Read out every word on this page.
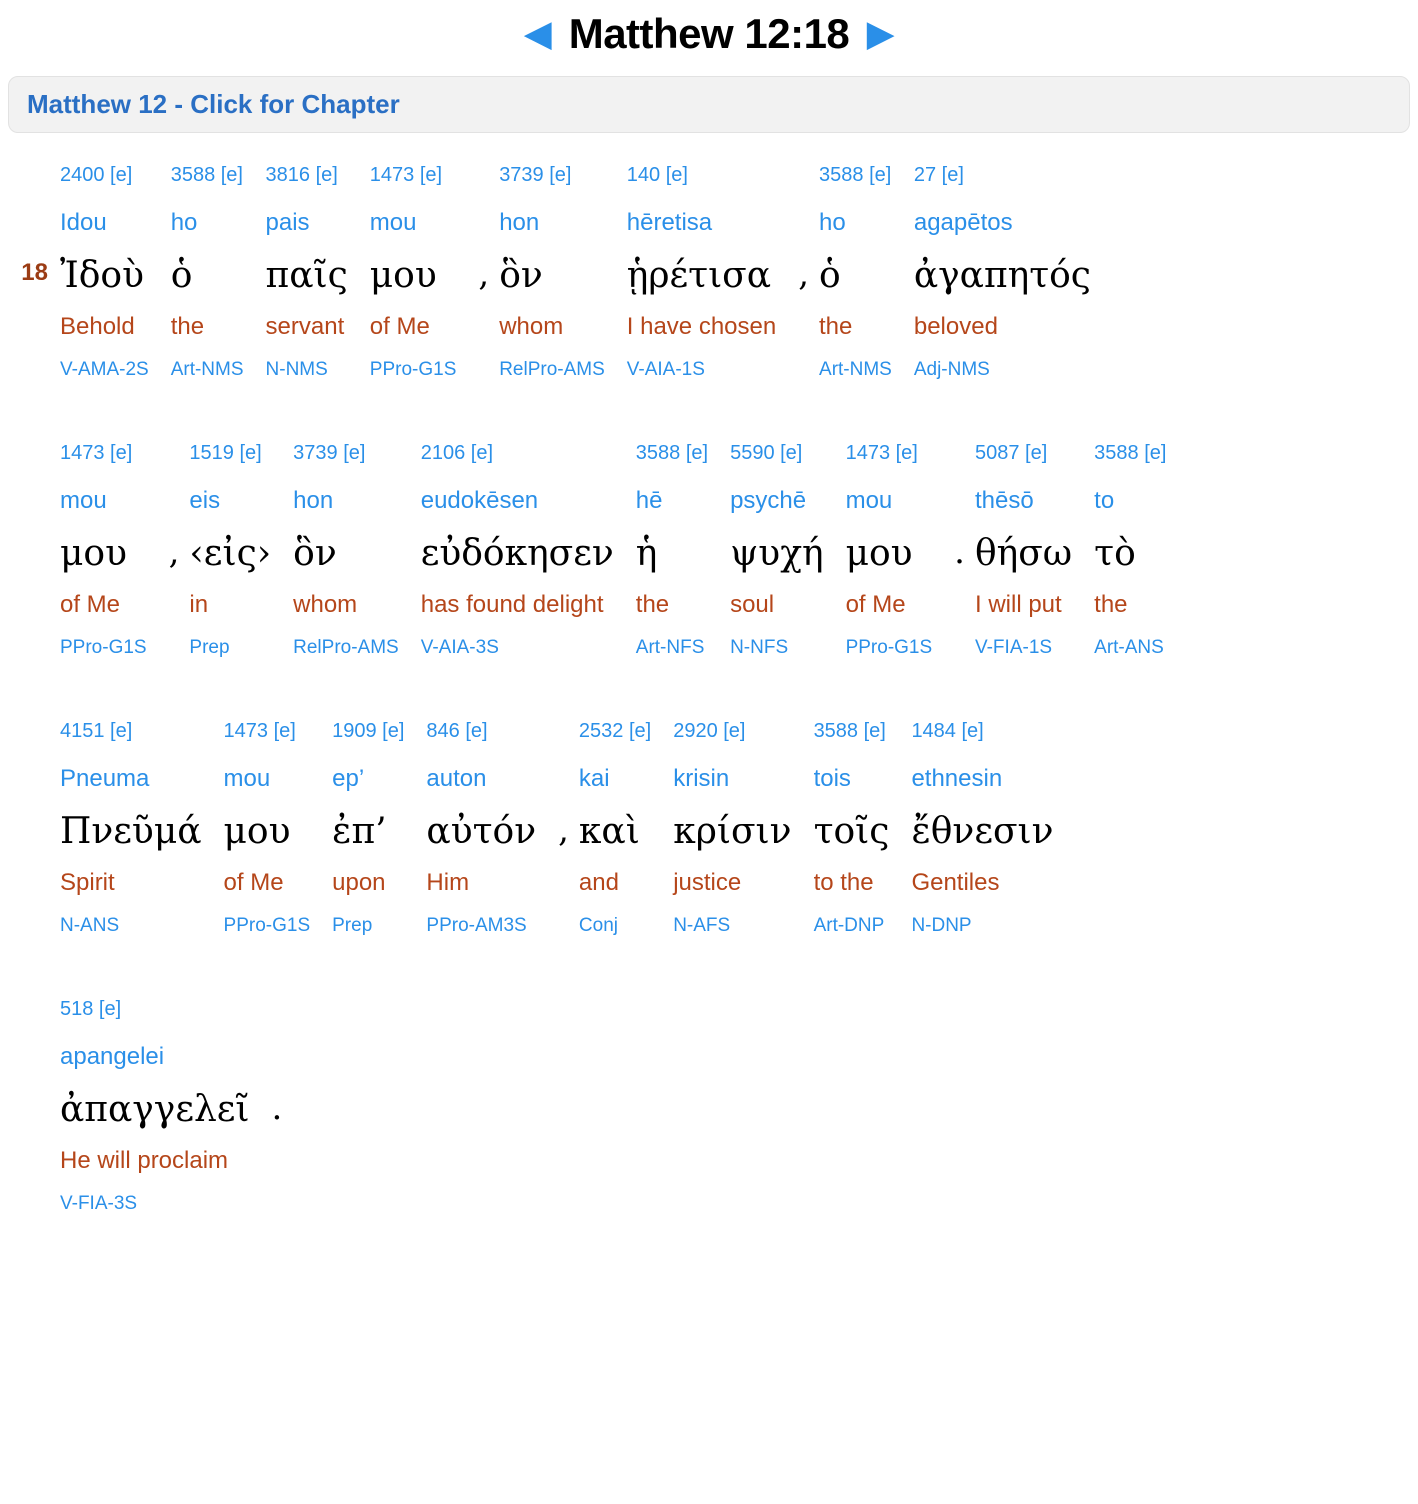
◀ Matthew 12:18 ▶
Matthew 12 - Click for Chapter
18
2400 [e]
Idou
Ἰδοὺ
Behold
V-AMA-2S
3588 [e]
ho
ὁ
the
Art-NMS
3816 [e]
pais
παῖς
servant
N-NMS
1473 [e]
mou
μου
of Me
PPro-G1S
,
3739 [e]
hon
ὃν
whom
RelPro-AMS
140 [e]
hēretisa
ᾑρέτισα
I have chosen
V-AIA-1S
,
3588 [e]
ho
ὁ
the
Art-NMS
27 [e]
agapētos
ἀγαπητός
beloved
Adj-NMS
1473 [e]
mou
μου
of Me
PPro-G1S
,
1519 [e]
eis
‹εἰς›
in
Prep
3739 [e]
hon
ὃν
whom
RelPro-AMS
2106 [e]
eudokēsen
εὐδόκησεν
has found delight
V-AIA-3S
3588 [e]
hē
ἡ
the
Art-NFS
5590 [e]
psychē
ψυχή
soul
N-NFS
1473 [e]
mou
μου
of Me
PPro-G1S
.
5087 [e]
thēsō
θήσω
I will put
V-FIA-1S
3588 [e]
to
τὸ
the
Art-ANS
4151 [e]
Pneuma
Πνεῦμά
Spirit
N-ANS
1473 [e]
mou
μου
of Me
PPro-G1S
1909 [e]
ep’
ἐπ’
upon
Prep
846 [e]
auton
αὐτόν
Him
PPro-AM3S
,
2532 [e]
kai
καὶ
and
Conj
2920 [e]
krisin
κρίσιν
justice
N-AFS
3588 [e]
tois
τοῖς
to the
Art-DNP
1484 [e]
ethnesin
ἔθνεσιν
Gentiles
N-DNP
518 [e]
apangelei
ἀπαγγελεῖ
He will proclaim
V-FIA-3S
.
